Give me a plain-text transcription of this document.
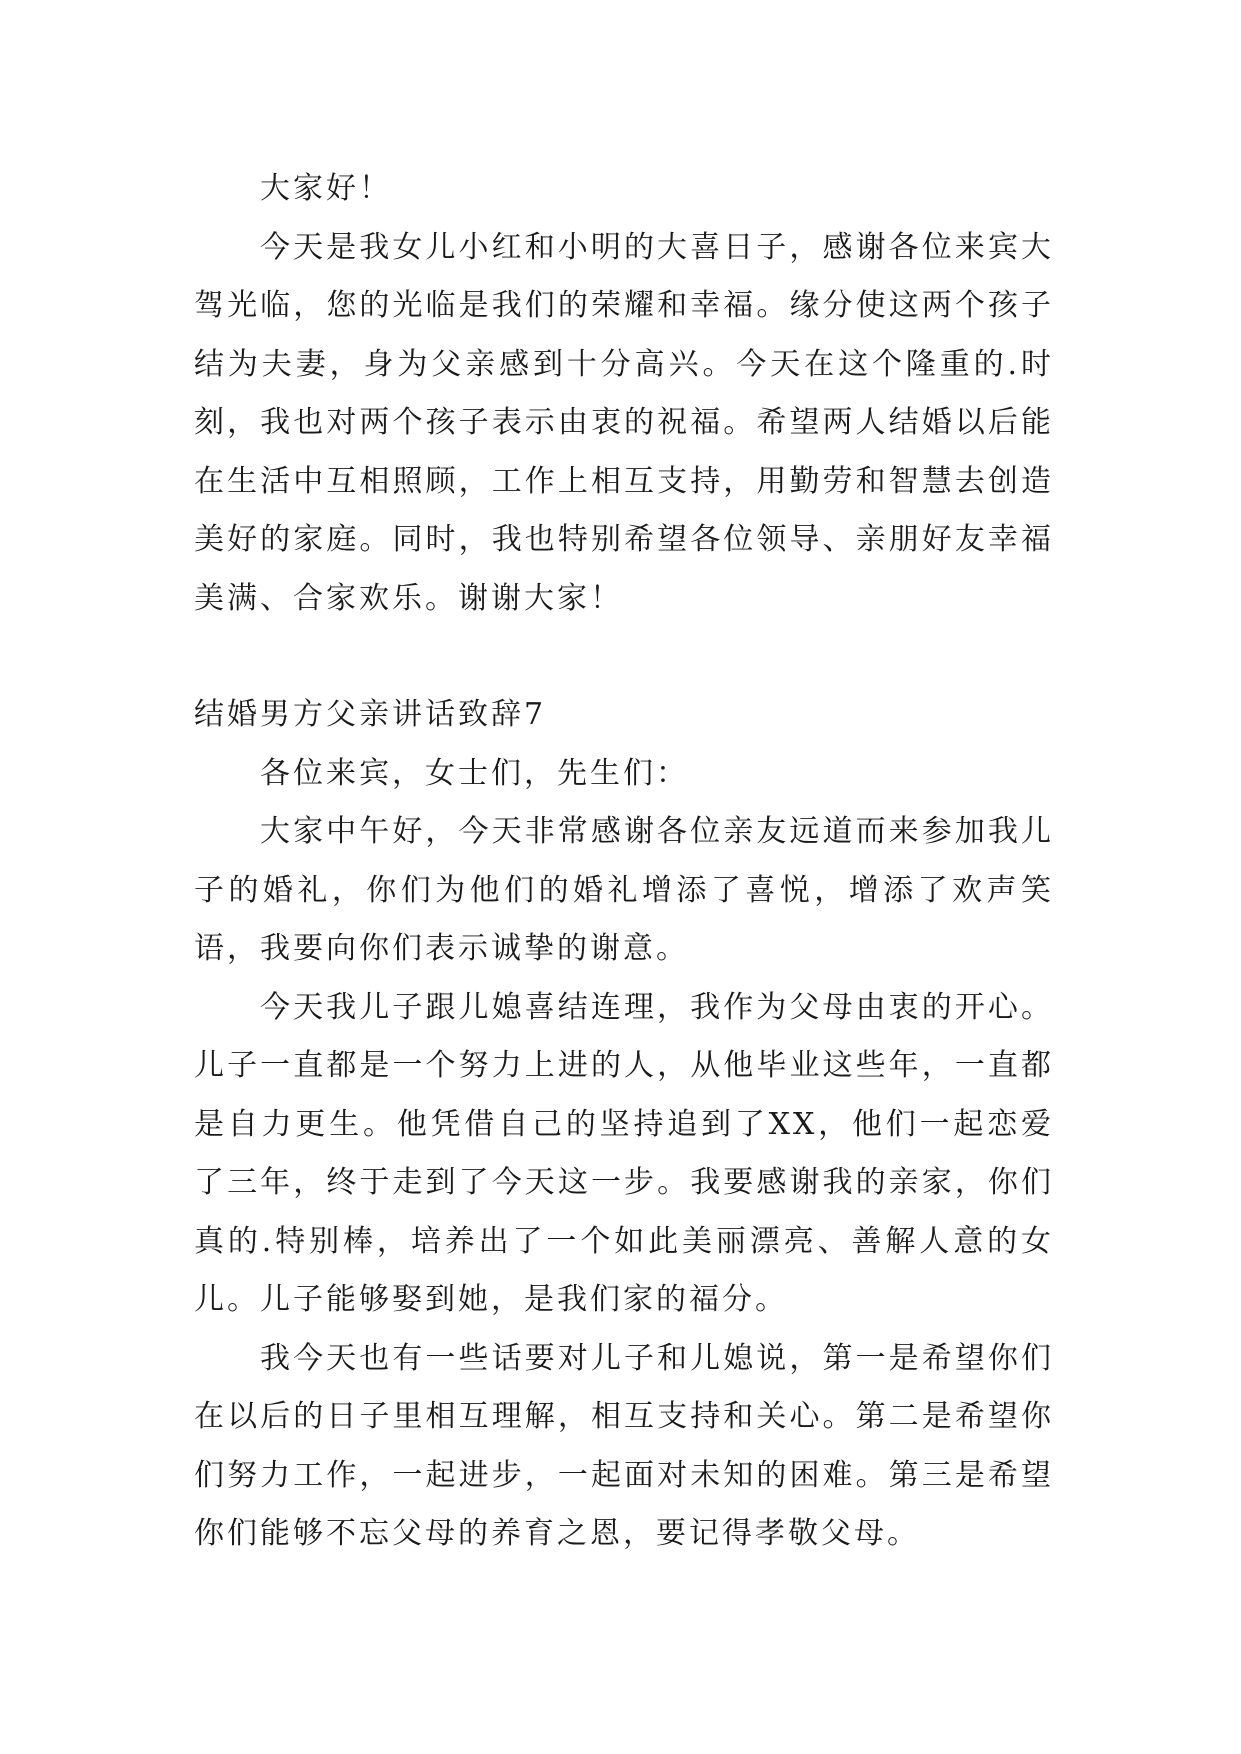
大家好！

今天是我女儿小红和小明的大喜日子，感谢各位来宾大驾光临，您的光临是我们的荣耀和幸福。缘分使这两个孩子结为夫妻，身为父亲感到十分高兴。今天在这个隆重的.时刻，我也对两个孩子表示由衷的祝福。希望两人结婚以后能在生活中互相照顾，工作上相互支持，用勤劳和智慧去创造美好的家庭。同时，我也特别希望各位领导、亲朋好友幸福美满、合家欢乐。谢谢大家！

结婚男方父亲讲话致辞7

各位来宾，女士们，先生们：

大家中午好，今天非常感谢各位亲友远道而来参加我儿子的婚礼，你们为他们的婚礼增添了喜悦，增添了欢声笑语，我要向你们表示诚挚的谢意。

今天我儿子跟儿媳喜结连理，我作为父母由衷的开心。儿子一直都是一个努力上进的人，从他毕业这些年，一直都是自力更生。他凭借自己的坚持追到了XX，他们一起恋爱了三年，终于走到了今天这一步。我要感谢我的亲家，你们真的.特别棒，培养出了一个如此美丽漂亮、善解人意的女儿。儿子能够娶到她，是我们家的福分。

我今天也有一些话要对儿子和儿媳说，第一是希望你们在以后的日子里相互理解，相互支持和关心。第二是希望你们努力工作，一起进步，一起面对未知的困难。第三是希望你们能够不忘父母的养育之恩，要记得孝敬父母。
